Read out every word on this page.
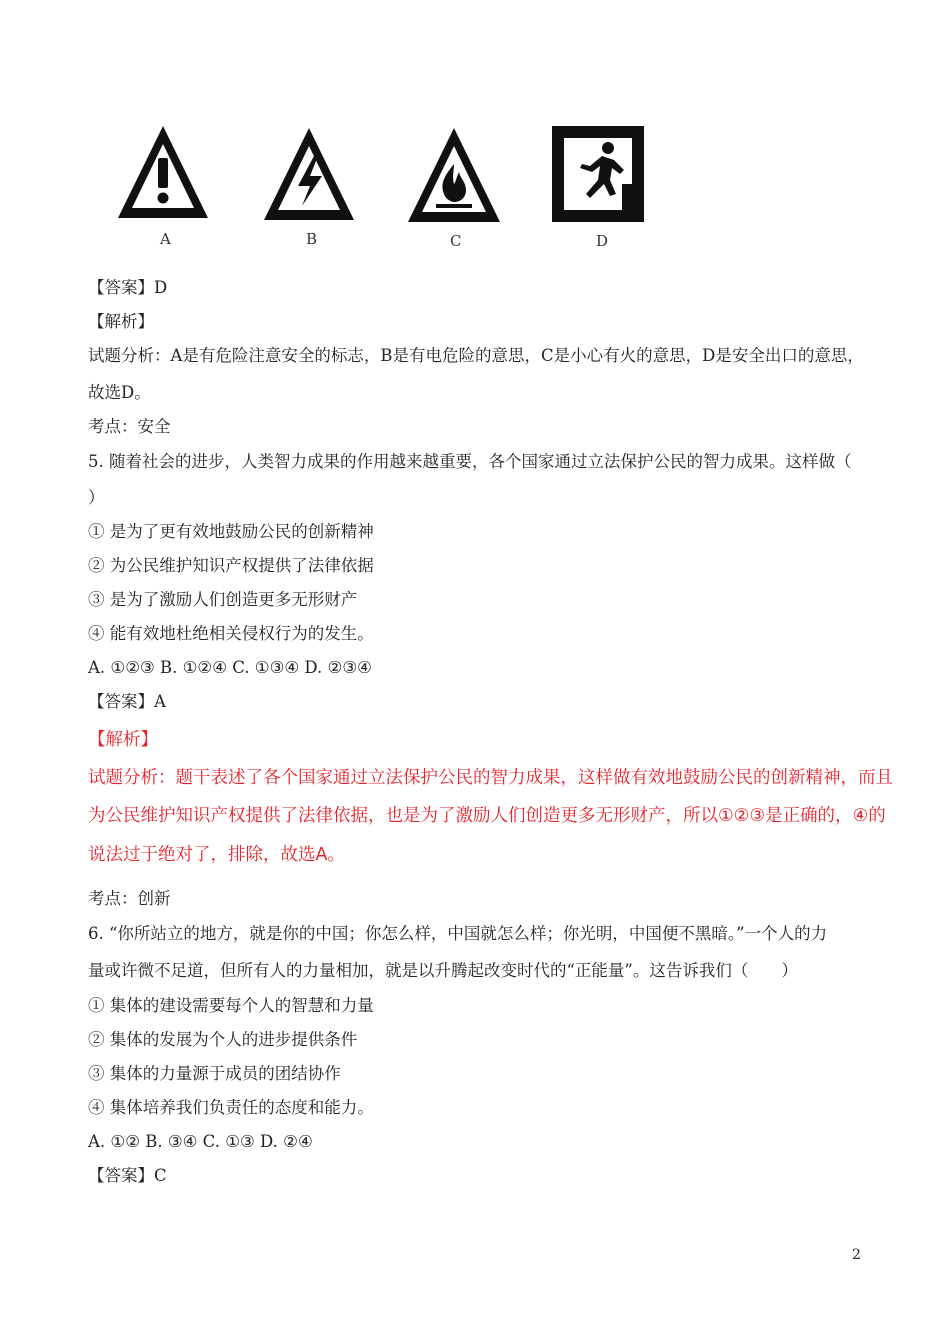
A	B	C	D
【答案】D
【解析】
试题分析：A是有危险注意安全的标志，B是有电危险的意思，C是小心有火的意思，D是安全出口的意思，
故选D。
考点：安全
5. 随着社会的进步，人类智力成果的作用越来越重要，各个国家通过立法保护公民的智力成果。这样做（
）
① 是为了更有效地鼓励公民的创新精神
② 为公民维护知识产权提供了法律依据
③ 是为了激励人们创造更多无形财产
④ 能有效地杜绝相关侵权行为的发生。
A. ①②③ B. ①②④ C. ①③④ D. ②③④
【答案】A
【解析】
试题分析：题干表述了各个国家通过立法保护公民的智力成果，这样做有效地鼓励公民的创新精神，而且
为公民维护知识产权提供了法律依据，也是为了激励人们创造更多无形财产，所以①②③是正确的，④的
说法过于绝对了，排除，故选A。
考点：创新
6. “你所站立的地方，就是你的中国；你怎么样，中国就怎么样；你光明，中国便不黑暗。”一个人的力
量或许微不足道，但所有人的力量相加，就是以升腾起改变时代的“正能量”。这告诉我们（　　）
① 集体的建设需要每个人的智慧和力量
② 集体的发展为个人的进步提供条件
③ 集体的力量源于成员的团结协作
④ 集体培养我们负责任的态度和能力。
A. ①② B. ③④ C. ①③ D. ②④
【答案】C
2
